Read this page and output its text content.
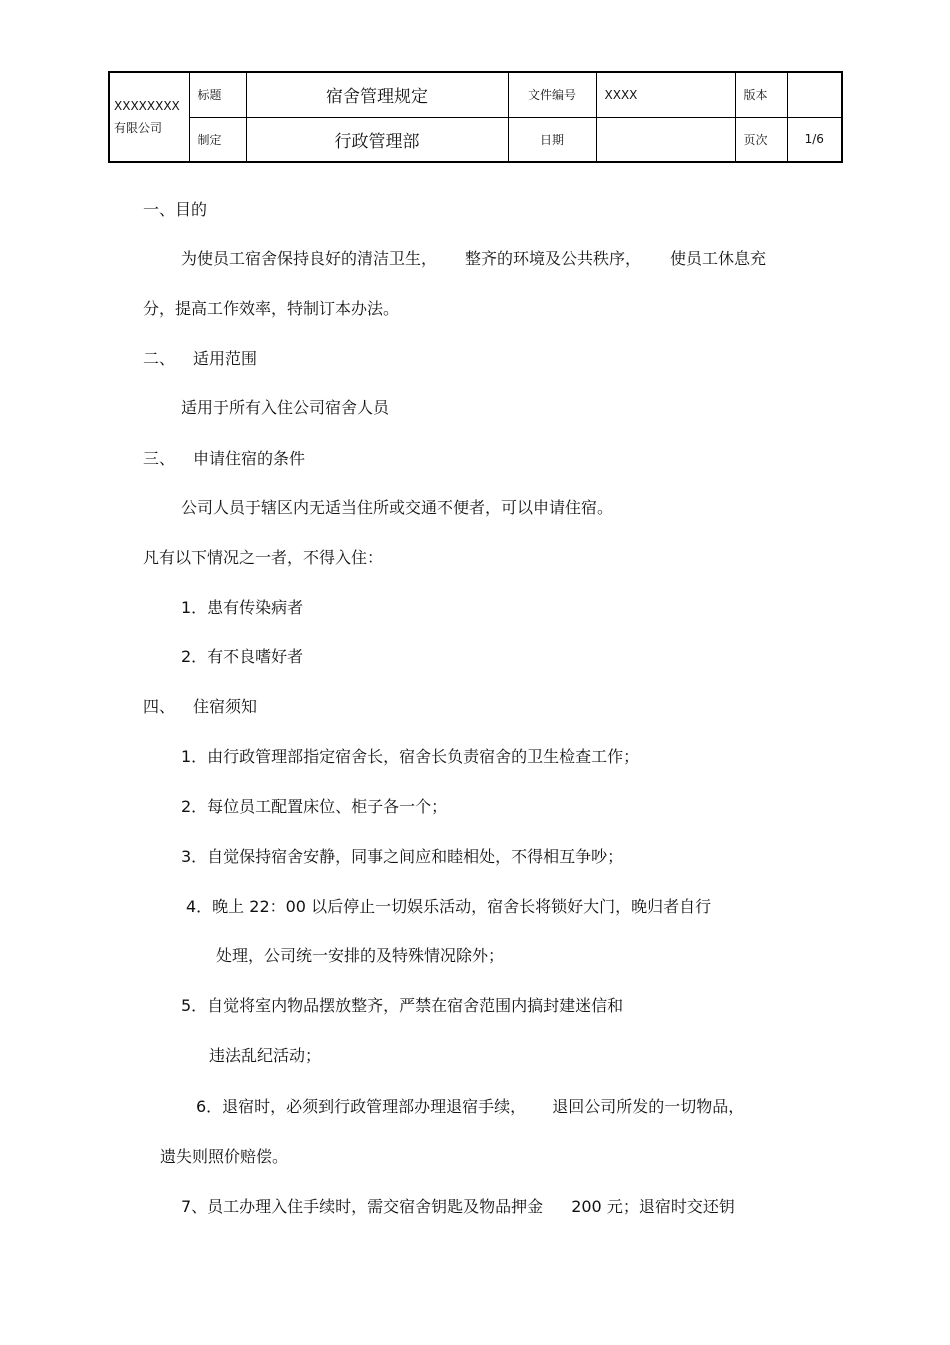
XXXXXXXX 有限公司	标题	宿舍管理规定	文件编号	XXXX	版本	
	制定	行政管理部	日期		页次	1/6

一、目的

为使员工宿舍保持良好的清洁卫生， 整齐的环境及公共秩序， 使员工休息充

分，提高工作效率，特制订本办法。

二、 适用范围

适用于所有入住公司宿舍人员

三、 申请住宿的条件

公司人员于辖区内无适当住所或交通不便者，可以申请住宿。

凡有以下情况之一者，不得入住：

1．患有传染病者

2．有不良嗜好者

四、 住宿须知

1．由行政管理部指定宿舍长，宿舍长负责宿舍的卫生检查工作；

2．每位员工配置床位、柜子各一个；

3．自觉保持宿舍安静，同事之间应和睦相处，不得相互争吵；

4．晚上 22：00 以后停止一切娱乐活动，宿舍长将锁好大门，晚归者自行

处理，公司统一安排的及特殊情况除外；

5．自觉将室内物品摆放整齐，严禁在宿舍范围内搞封建迷信和

违法乱纪活动；

6．退宿时，必须到行政管理部办理退宿手续， 退回公司所发的一切物品，

遗失则照价赔偿。

7、员工办理入住手续时，需交宿舍钥匙及物品押金 200 元；退宿时交还钥
